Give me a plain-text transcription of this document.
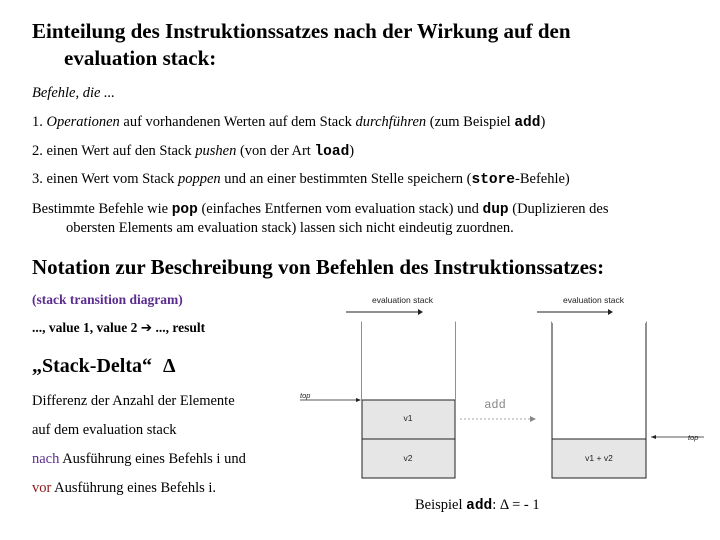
Einteilung des Instruktionssatzes nach der Wirkung auf den
evaluation stack:
Befehle, die ...
1. Operationen auf vorhandenen Werten auf dem Stack durchführen (zum Beispiel add)
2. einen Wert auf den Stack pushen (von der Art load)
3. einen Wert vom Stack poppen und an einer bestimmten Stelle speichern (store-Befehle)
Bestimmte Befehle wie pop (einfaches Entfernen vom evaluation stack) und dup (Duplizieren des
obersten Elements am evaluation stack) lassen sich nicht eindeutig zuordnen.
Notation zur Beschreibung von Befehlen des Instruktionssatzes:
(stack transition diagram)
..., value 1, value 2 ➔ ..., result
„Stack-Delta“ Δ
Differenz der Anzahl der Elemente
auf dem evaluation stack
nach Ausführung eines Befehls i und
vor Ausführung eines Befehls i.
evaluation stack	evaluation stack
v1
v2	v1 + v2
top
top
add
Beispiel add: Δ = - 1
